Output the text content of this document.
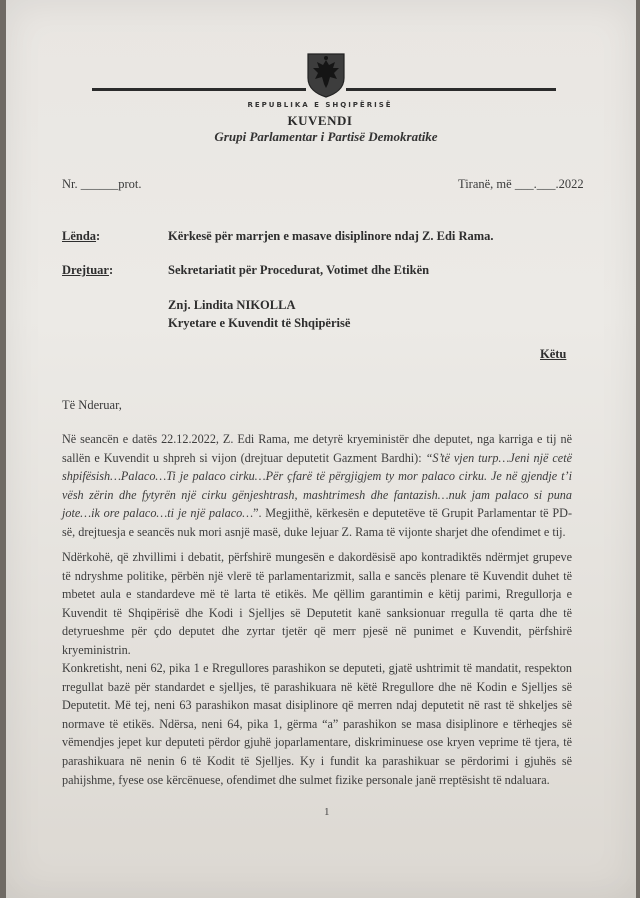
REPUBLIKA E SHQIPËRISË
KUVENDI
Grupi Parlamentar i Partisë Demokratike
Nr. ______prot.	Tiranë, më ___.___.2022
Lënda:	Kërkesë për marrjen e masave disiplinore ndaj Z. Edi Rama.
Drejtuar:	Sekretariatit për Procedurat, Votimet dhe Etikën
Znj. Lindita NIKOLLA
Kryetare e Kuvendit të Shqipërisë
Këtu
Të Nderuar,
Në seancën e datës 22.12.2022, Z. Edi Rama, me detyrë kryeministër dhe deputet, nga karriga e tij në sallën e Kuvendit u shpreh si vijon (drejtuar deputetit Gazment Bardhi): “S’të vjen turp…Jeni një cetë shpifësish…Palaco…Ti je palaco cirku…Për çfarë të përgjigjem ty mor palaco cirku. Je në gjendje t’i vësh zërin dhe fytyrën një cirku gënjeshtrash, mashtrimesh dhe fantazish…nuk jam palaco si puna jote…ik ore palaco…ti je një palaco…”. Megjithë, kërkesën e deputetëve të Grupit Parlamentar të PD-së, drejtuesja e seancës nuk mori asnjë masë, duke lejuar Z. Rama të vijonte sharjet dhe ofendimet e tij.
Ndërkohë, që zhvillimi i debatit, përfshirë mungesën e dakordësisë apo kontradiktës ndërmjet grupeve të ndryshme politike, përbën një vlerë të parlamentarizmit, salla e sancës plenare të Kuvendit duhet të mbetet aula e standardeve më të larta të etikës. Me qëllim garantimin e këtij parimi, Rregullorja e Kuvendit të Shqipërisë dhe Kodi i Sjelljes së Deputetit kanë sanksionuar rregulla të qarta dhe të detyrueshme për çdo deputet dhe zyrtar tjetër që merr pjesë në punimet e Kuvendit, përfshirë kryeministrin.
Konkretisht, neni 62, pika 1 e Rregullores parashikon se deputeti, gjatë ushtrimit të mandatit, respekton rregullat bazë për standardet e sjelljes, të parashikuara në këtë Rregullore dhe në Kodin e Sjelljes së Deputetit. Më tej, neni 63 parashikon masat disiplinore që merren ndaj deputetit në rast të shkeljes së normave të etikës. Ndërsa, neni 64, pika 1, gërma “a” parashikon se masa disiplinore e tërheqjes së vëmendjes jepet kur deputeti përdor gjuhë joparlamentare, diskriminuese ose kryen veprime të tjera, të parashikuara në nenin 6 të Kodit të Sjelljes. Ky i fundit ka parashikuar se përdorimi i gjuhës së pahijshme, fyese ose kërcënuese, ofendimet dhe sulmet fizike personale janë rreptësisht të ndaluara.
1
